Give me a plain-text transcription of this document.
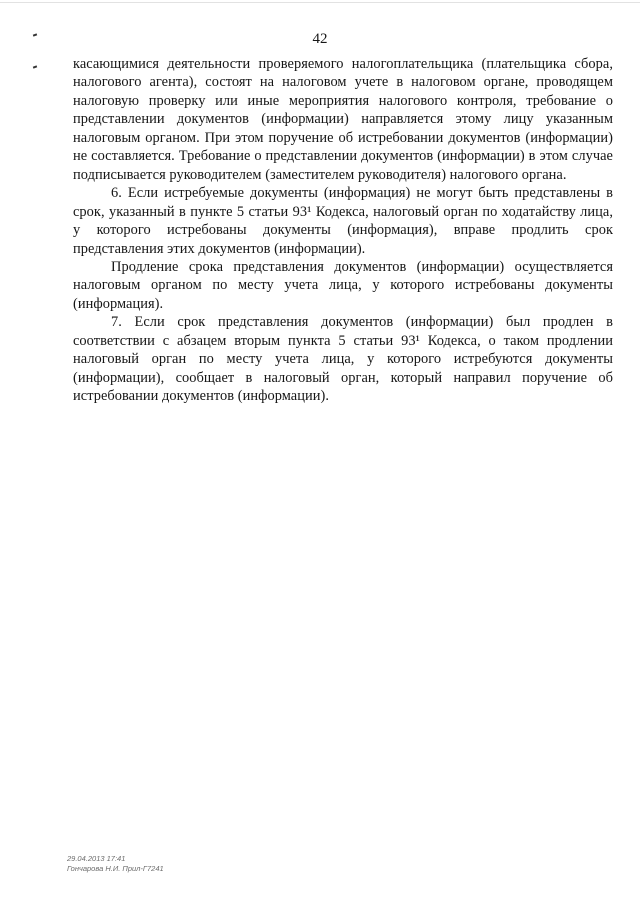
42

касающимися деятельности проверяемого налогоплательщика (плательщика сбора, налогового агента), состоят на налоговом учете в налоговом органе, проводящем налоговую проверку или иные мероприятия налогового контроля, требование о представлении документов (информации) направляется этому лицу указанным налоговым органом. При этом поручение об истребовании документов (информации) не составляется. Требование о представлении документов (информации) в этом случае подписывается руководителем (заместителем руководителя) налогового органа.

6. Если истребуемые документы (информация) не могут быть представлены в срок, указанный в пункте 5 статьи 93¹ Кодекса, налоговый орган по ходатайству лица, у которого истребованы документы (информация), вправе продлить срок представления этих документов (информации).

Продление срока представления документов (информации) осуществляется налоговым органом по месту учета лица, у которого истребованы документы (информация).

7. Если срок представления документов (информации) был продлен в соответствии с абзацем вторым пункта 5 статьи 93¹ Кодекса, о таком продлении налоговый орган по месту учета лица, у которого истребуются документы (информации), сообщает в налоговый орган, который направил поручение об истребовании документов (информации).

29.04.2013 17:41
Гончарова Н.И. Прил-Г7241
